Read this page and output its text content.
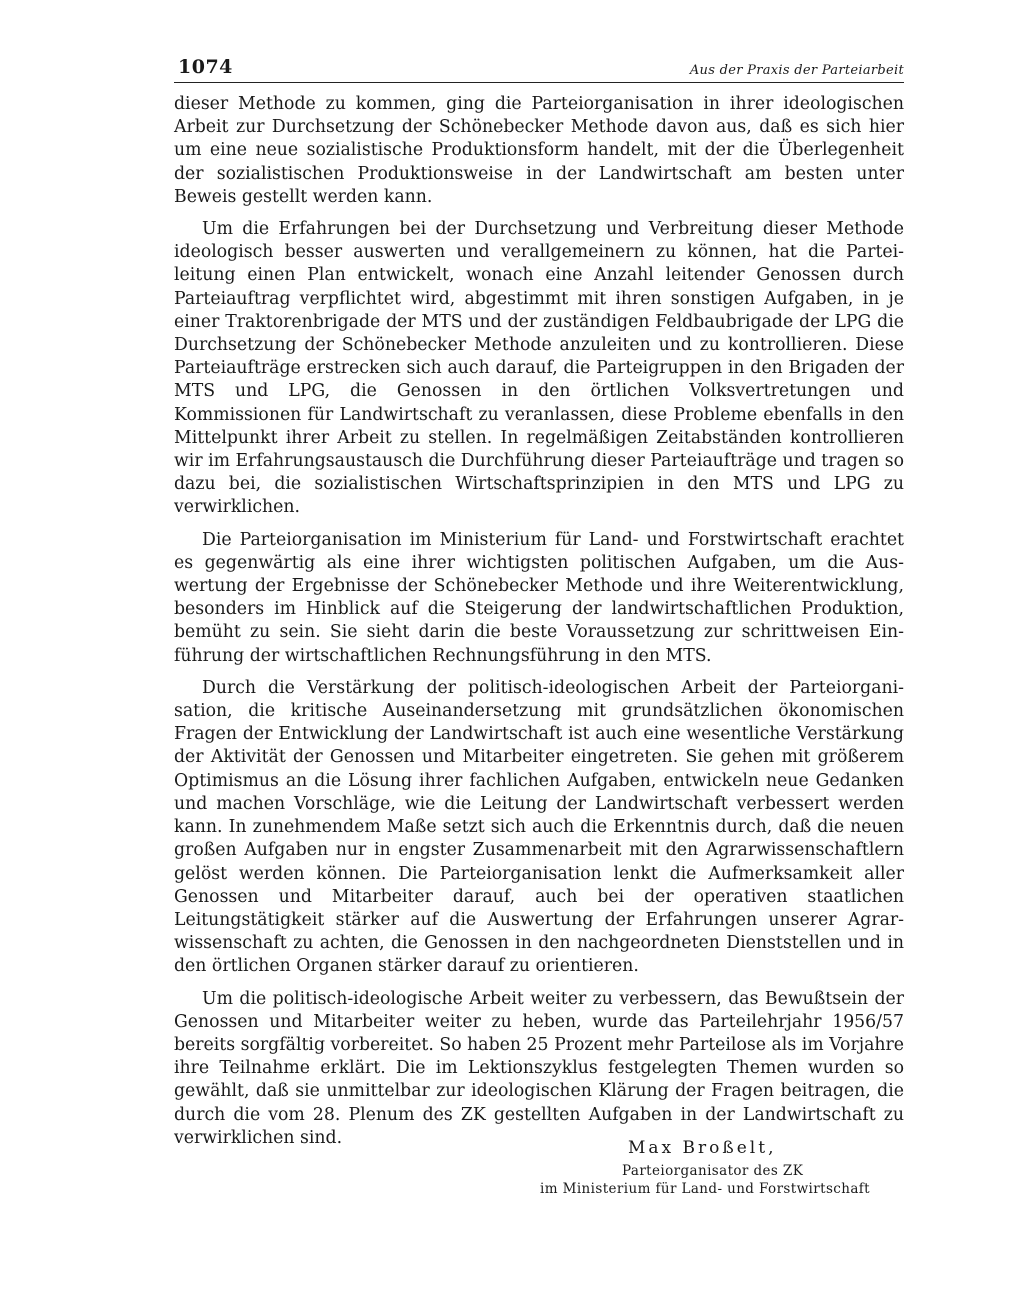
1074	Aus der Praxis der Parteiarbeit

dieser Methode zu kommen, ging die Parteiorganisation in ihrer ideologischen Arbeit zur Durchsetzung der Schönebecker Methode davon aus, daß es sich hier um eine neue sozialistische Produktionsform handelt, mit der die Überlegenheit der sozialistischen Produktionsweise in der Landwirtschaft am besten unter Beweis gestellt werden kann.

Um die Erfahrungen bei der Durchsetzung und Verbreitung dieser Methode ideologisch besser auswerten und verallgemeinern zu können, hat die Parteileitung einen Plan entwickelt, wonach eine Anzahl leitender Genossen durch Parteiauftrag verpflichtet wird, abgestimmt mit ihren sonstigen Aufgaben, in je einer Traktorenbrigade der MTS und der zuständigen Feldbaubrigade der LPG die Durchsetzung der Schönebecker Methode anzuleiten und zu kontrollieren. Diese Parteiaufträge erstrecken sich auch darauf, die Parteigruppen in den Brigaden der MTS und LPG, die Genossen in den örtlichen Volksvertretungen und Kommissionen für Landwirtschaft zu veranlassen, diese Probleme ebenfalls in den Mittelpunkt ihrer Arbeit zu stellen. In regelmäßigen Zeitabständen kontrollieren wir im Erfahrungsaustausch die Durchführung dieser Parteiaufträge und tragen so dazu bei, die sozialistischen Wirtschaftsprinzipien in den MTS und LPG zu verwirklichen.

Die Parteiorganisation im Ministerium für Land- und Forstwirtschaft erachtet es gegenwärtig als eine ihrer wichtigsten politischen Aufgaben, um die Auswertung der Ergebnisse der Schönebecker Methode und ihre Weiterentwicklung, besonders im Hinblick auf die Steigerung der landwirtschaftlichen Produktion, bemüht zu sein. Sie sieht darin die beste Voraussetzung zur schrittweisen Einführung der wirtschaftlichen Rechnungsführung in den MTS.

Durch die Verstärkung der politisch-ideologischen Arbeit der Parteiorganisation, die kritische Auseinandersetzung mit grundsätzlichen ökonomischen Fragen der Entwicklung der Landwirtschaft ist auch eine wesentliche Verstärkung der Aktivität der Genossen und Mitarbeiter eingetreten. Sie gehen mit größerem Optimismus an die Lösung ihrer fachlichen Aufgaben, entwickeln neue Gedanken und machen Vorschläge, wie die Leitung der Landwirtschaft verbessert werden kann. In zunehmendem Maße setzt sich auch die Erkenntnis durch, daß die neuen großen Aufgaben nur in engster Zusammenarbeit mit den Agrarwissenschaftlern gelöst werden können. Die Parteiorganisation lenkt die Aufmerksamkeit aller Genossen und Mitarbeiter darauf, auch bei der operativen staatlichen Leitungstätigkeit stärker auf die Auswertung der Erfahrungen unserer Agrarwissenschaft zu achten, die Genossen in den nachgeordneten Dienststellen und in den örtlichen Organen stärker darauf zu orientieren.

Um die politisch-ideologische Arbeit weiter zu verbessern, das Bewußtsein der Genossen und Mitarbeiter weiter zu heben, wurde das Parteilehrjahr 1956/57 bereits sorgfältig vorbereitet. So haben 25 Prozent mehr Parteilose als im Vorjahre ihre Teilnahme erklärt. Die im Lektionszyklus festgelegten Themen wurden so gewählt, daß sie unmittelbar zur ideologischen Klärung der Fragen beitragen, die durch die vom 28. Plenum des ZK gestellten Aufgaben in der Landwirtschaft zu verwirklichen sind.

Max Broßelt,
Parteiorganisator des ZK
im Ministerium für Land- und Forstwirtschaft
